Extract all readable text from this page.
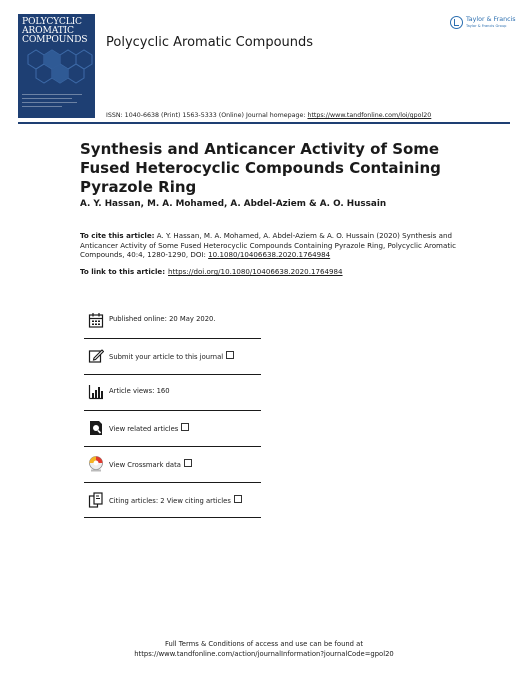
POLYCYCLIC
AROMATIC
COMPOUNDS	Polycyclic Aromatic Compounds
Taylor & Francis
Taylor & Francis Group
ISSN: 1040-6638 (Print) 1563-5333 (Online) Journal homepage: https://www.tandfonline.com/loi/gpol20
Synthesis and Anticancer Activity of Some Fused Heterocyclic Compounds Containing Pyrazole Ring
A. Y. Hassan, M. A. Mohamed, A. Abdel-Aziem & A. O. Hussain
To cite this article: A. Y. Hassan, M. A. Mohamed, A. Abdel-Aziem & A. O. Hussain (2020) Synthesis and Anticancer Activity of Some Fused Heterocyclic Compounds Containing Pyrazole Ring, Polycyclic Aromatic Compounds, 40:4, 1280-1290, DOI: 10.1080/10406638.2020.1764984
To link to this article: https://doi.org/10.1080/10406638.2020.1764984
Published online: 20 May 2020.
Submit your article to this journal
Article views: 160
View related articles
View Crossmark data
Citing articles: 2 View citing articles
Full Terms & Conditions of access and use can be found at
https://www.tandfonline.com/action/journalInformation?journalCode=gpol20
